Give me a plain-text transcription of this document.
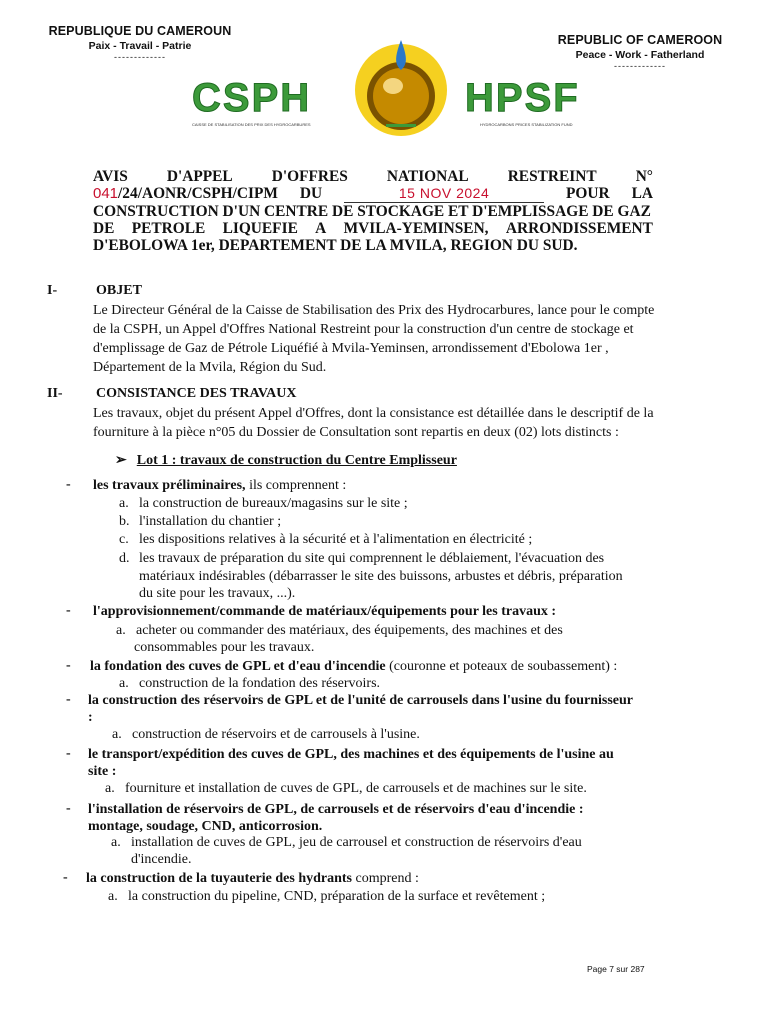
REPUBLIQUE DU CAMEROUN
Paix - Travail - Patrie
-------------
REPUBLIC OF CAMEROON
Peace - Work - Fatherland
-------------
CSPH	HPSF
CAISSE DE STABILISATION DES PRIX DES HYDROCARBURES	HYDROCARBONS PRICES STABILIZATION FUND
AVIS	D'APPEL	D'OFFRES	NATIONAL	RESTREINT	N°
041/24/AONR/CSPH/CIPM DU	15 NOV 2024	POUR LA
CONSTRUCTION D'UN CENTRE DE STOCKAGE ET D'EMPLISSAGE DE GAZ
DE PETROLE LIQUEFIE A MVILA-YEMINSEN, ARRONDISSEMENT
D'EBOLOWA 1er, DEPARTEMENT DE LA MVILA, REGION DU SUD.
I-	OBJET
Le Directeur Général de la Caisse de Stabilisation des Prix des Hydrocarbures, lance pour le compte
de la CSPH, un Appel d'Offres National Restreint pour la construction d'un centre de stockage et
d'emplissage de Gaz de Pétrole Liquéfié à Mvila-Yeminsen, arrondissement d'Ebolowa 1er ,
Département de la Mvila, Région du Sud.
II- CONSISTANCE DES TRAVAUX
Les travaux, objet du présent Appel d'Offres, dont la consistance est détaillée dans le descriptif de la
fourniture à la pièce n°05 du Dossier de Consultation sont repartis en deux (02) lots distincts :
➢ Lot 1 : travaux de construction du Centre Emplisseur
- les travaux préliminaires, ils comprennent :
a. la construction de bureaux/magasins sur le site ;
b. l'installation du chantier ;
c. les dispositions relatives à la sécurité et à l'alimentation en électricité ;
d. les travaux de préparation du site qui comprennent le déblaiement, l'évacuation des
matériaux indésirables (débarrasser le site des buissons, arbustes et débris, préparation
du site pour les travaux, ...).
- l'approvisionnement/commande de matériaux/équipements pour les travaux :
a. acheter ou commander des matériaux, des équipements, des machines et des
consommables pour les travaux.
- la fondation des cuves de GPL et d'eau d'incendie (couronne et poteaux de soubassement) :
a. construction de la fondation des réservoirs.
- la construction des réservoirs de GPL et de l'unité de carrousels dans l'usine du fournisseur
:
a. construction de réservoirs et de carrousels à l'usine.
- le transport/expédition des cuves de GPL, des machines et des équipements de l'usine au
site :
a. fourniture et installation de cuves de GPL, de carrousels et de machines sur le site.
- l'installation de réservoirs de GPL, de carrousels et de réservoirs d'eau d'incendie :
montage, soudage, CND, anticorrosion.
a. installation de cuves de GPL, jeu de carrousel et construction de réservoirs d'eau
d'incendie.
- la construction de la tuyauterie des hydrants comprend :
a. la construction du pipeline, CND, préparation de la surface et revêtement ;
Page 7 sur 287
